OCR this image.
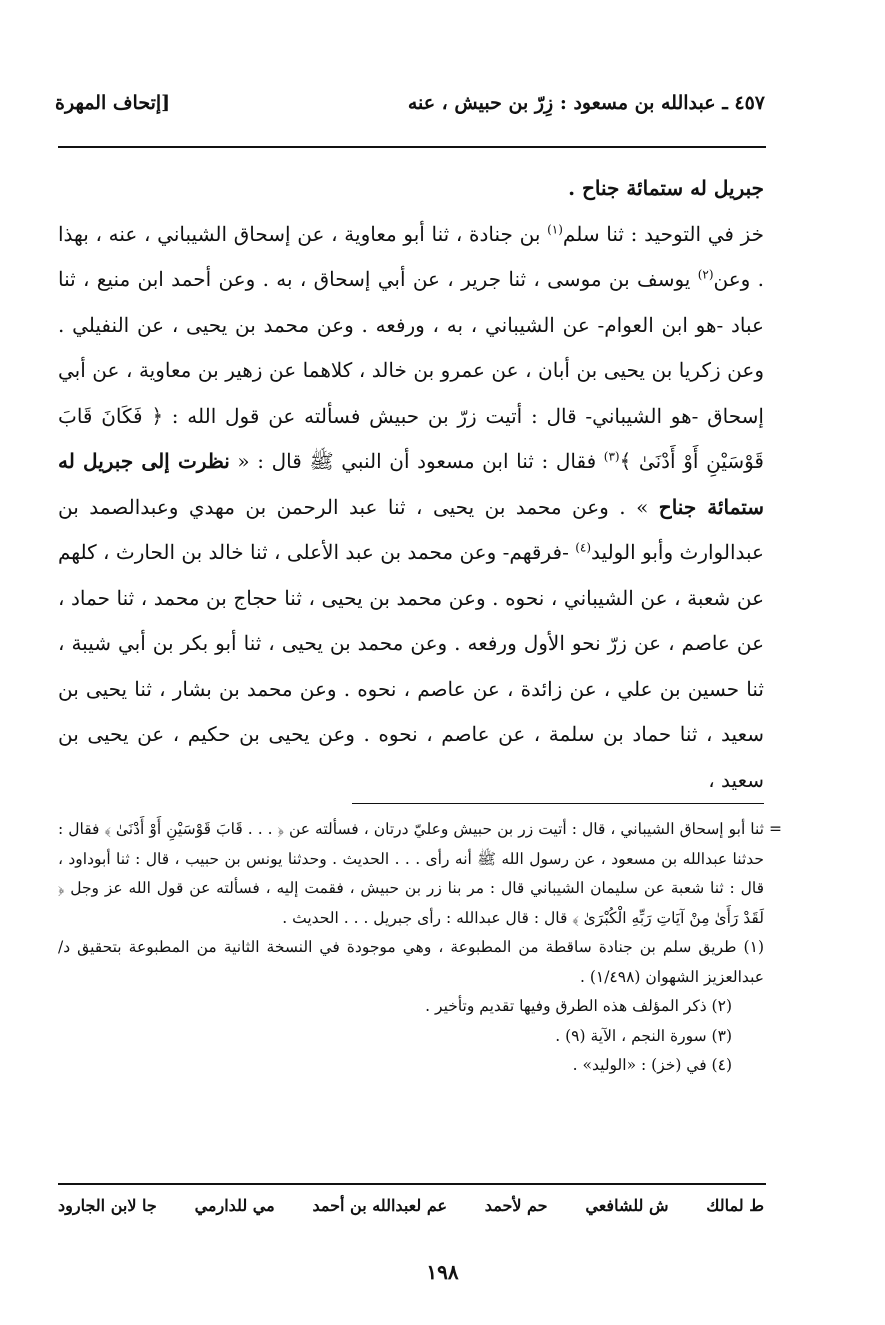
٤٥٧ ـ عبدالله بن مسعود : زِرّ بن حبيش ، عنه
[إتحاف المهرة

جبريل له ستمائة جناح .
خز في التوحيد : ثنا سلم$^{(١)}$ بن جنادة ، ثنا أبو معاوية ، عن إسحاق الشيباني ، عنه ، بهذا . وعن$^{(٢)}$ يوسف بن موسى ، ثنا جرير ، عن أبي إسحاق ، به . وعن أحمد ابن منيع ، ثنا عباد -هو ابن العوام- عن الشيباني ، به ، ورفعه . وعن محمد بن يحيى ، عن النفيلي . وعن زكريا بن يحيى بن أبان ، عن عمرو بن خالد ، كلاهما عن زهير بن معاوية ، عن أبي إسحاق -هو الشيباني- قال : أتيت زرّ بن حبيش فسألته عن قول الله : ﴿ فَكَانَ قَابَ قَوْسَيْنِ أَوْ أَدْنَىٰ ﴾$^{(٣)}$ فقال : ثنا ابن مسعود أن النبي ﷺ قال : « نظرت إلى جبريل له ستمائة جناح » . وعن محمد بن يحيى ، ثنا عبد الرحمن بن مهدي وعبدالصمد بن عبدالوارث وأبو الوليد$^{(٤)}$ -فرقهم- وعن محمد بن عبد الأعلى ، ثنا خالد بن الحارث ، كلهم عن شعبة ، عن الشيباني ، نحوه . وعن محمد بن يحيى ، ثنا حجاج بن محمد ، ثنا حماد ، عن عاصم ، عن زرّ نحو الأول ورفعه . وعن محمد بن يحيى ، ثنا أبو بكر بن أبي شيبة ، ثنا حسين بن علي ، عن زائدة ، عن عاصم ، نحوه . وعن محمد بن بشار ، ثنا يحيى بن سعيد ، ثنا حماد بن سلمة ، عن عاصم ، نحوه . وعن يحيى بن حكيم ، عن يحيى بن سعيد ،

=
ثنا أبو إسحاق الشيباني ، قال : أتيت زر بن حبيش وعليّ درتان ، فسألته عن ﴿ . . . قَابَ قَوْسَيْنِ أَوْ أَدْنَىٰ ﴾ فقال : حدثنا عبدالله بن مسعود ، عن رسول الله ﷺ أنه رأى . . . الحديث . وحدثنا يونس بن حبيب ، قال : ثنا أبوداود ، قال : ثنا شعبة عن سليمان الشيباني قال : مر بنا زر بن حبيش ، فقمت إليه ، فسألته عن قول الله عز وجل ﴿ لَقَدْ رَأَىٰ مِنْ آيَاتِ رَبِّهِ الْكُبْرَىٰ ﴾ قال : قال عبدالله : رأى جبريل . . . الحديث .

(١) طريق سلم بن جنادة ساقطة من المطبوعة ، وهي موجودة في النسخة الثانية من المطبوعة بتحقيق د/ عبدالعزيز الشهوان (١/٤٩٨) .

(٢) ذكر المؤلف هذه الطرق وفيها تقديم وتأخير .

(٣) سورة النجم ، الآية (٩) .

(٤) في (خز) : «الوليد» .

ط لمالك
ش للشافعي
حم لأحمد
عم لعبدالله بن أحمد
مي للدارمي
جا لابن الجارود
١٩٨
